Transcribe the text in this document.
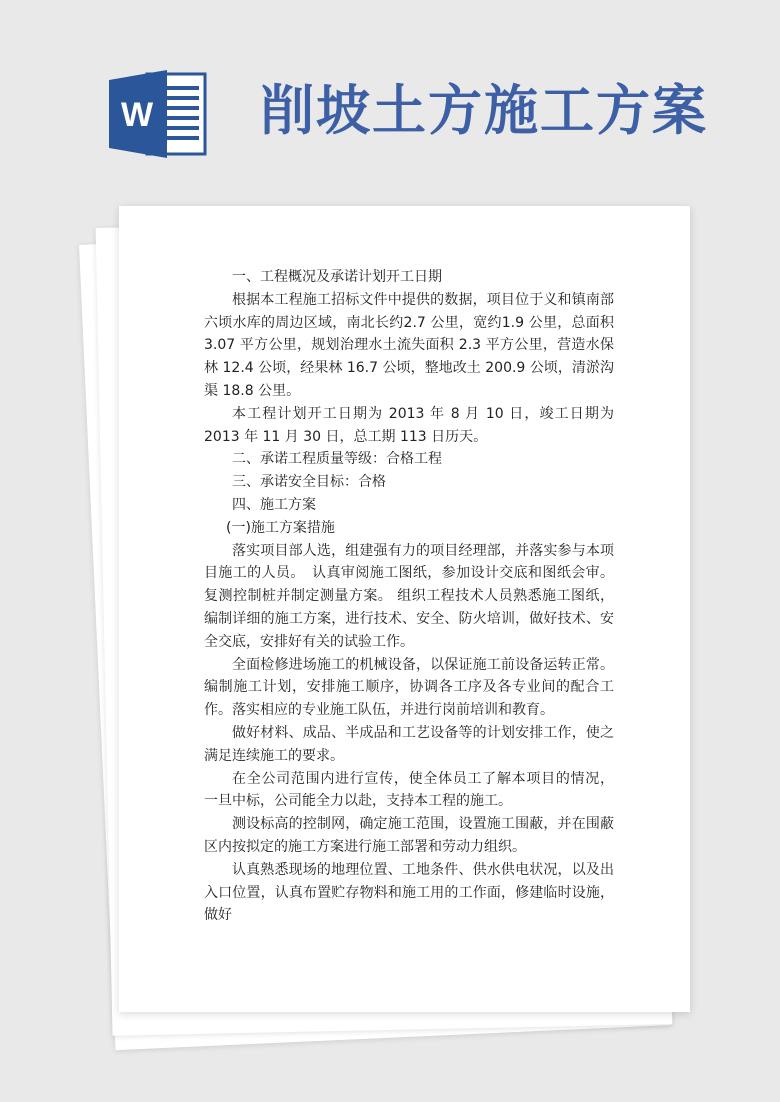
W 削坡土方施工方案

一、工程概况及承诺计划开工日期

根据本工程施工招标文件中提供的数据，项目位于义和镇南部六顷水库的周边区域，南北长约2.7 公里，宽约1.9 公里，总面积 3.07 平方公里，规划治理水土流失面积 2.3 平方公里，营造水保林 12.4 公顷，经果林 16.7 公顷，整地改土 200.9 公顷，清淤沟渠 18.8 公里。

本工程计划开工日期为 2013 年 8 月 10 日，竣工日期为 2013 年 11 月 30 日，总工期 113 日历天。

二、承诺工程质量等级：合格工程

三、承诺安全目标：合格

四、施工方案

(一)施工方案措施

落实项目部人选，组建强有力的项目经理部，并落实参与本项目施工的人员。　认真审阅施工图纸，参加设计交底和图纸会审。复测控制桩并制定测量方案。 组织工程技术人员熟悉施工图纸，编制详细的施工方案，进行技术、安全、防火培训，做好技术、安全交底，安排好有关的试验工作。

全面检修进场施工的机械设备，以保证施工前设备运转正常。编制施工计划，安排施工顺序，协调各工序及各专业间的配合工作。落实相应的专业施工队伍，并进行岗前培训和教育。

做好材料、成品、半成品和工艺设备等的计划安排工作，使之满足连续施工的要求。

在全公司范围内进行宣传，使全体员工了解本项目的情况， 一旦中标，公司能全力以赴，支持本工程的施工。

测设标高的控制网，确定施工范围，设置施工围蔽，并在围蔽区内按拟定的施工方案进行施工部署和劳动力组织。

认真熟悉现场的地理位置、工地条件、供水供电状况，以及出入口位置，认真布置贮存物料和施工用的工作面，修建临时设施，做好
